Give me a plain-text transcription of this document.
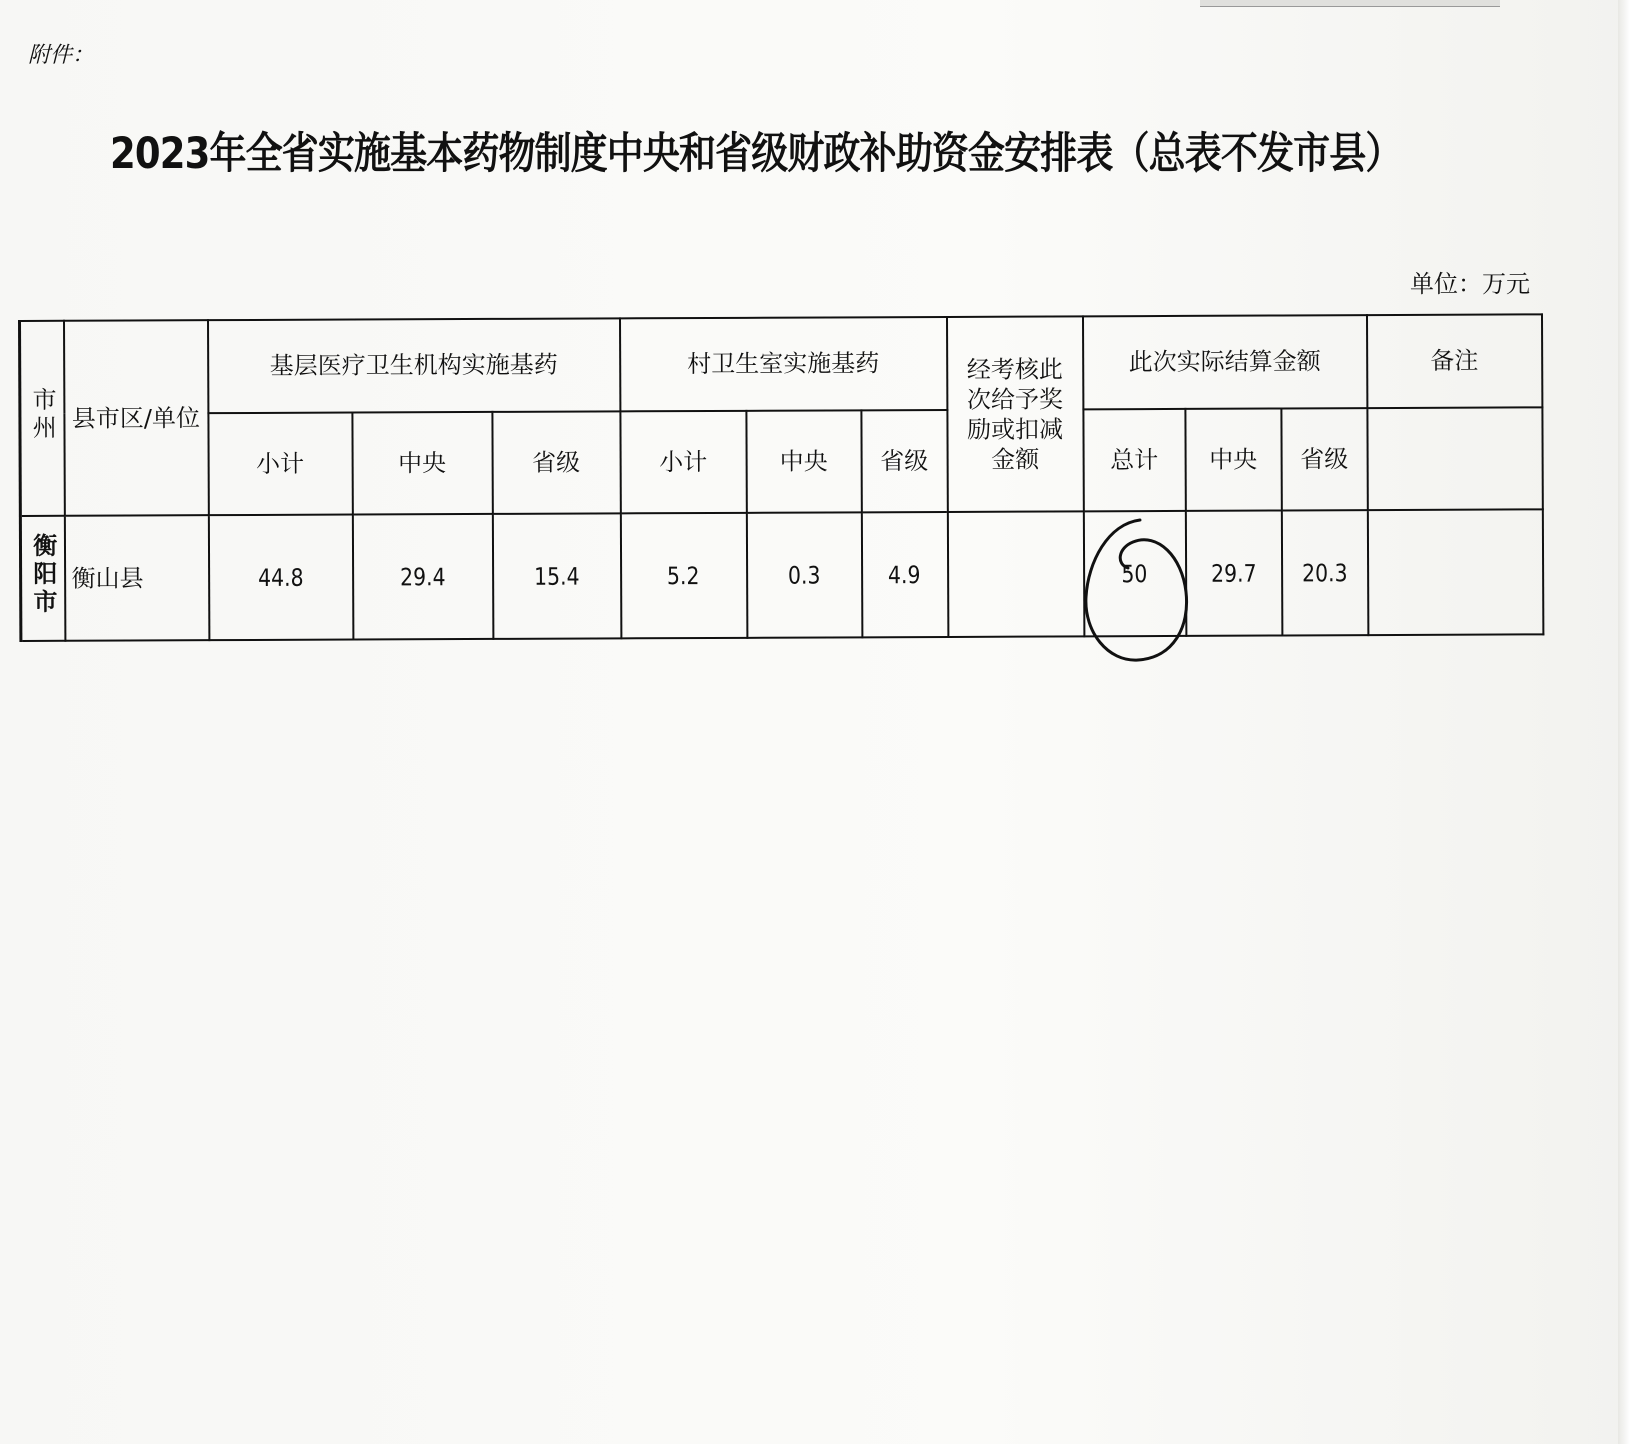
附件：
2023年全省实施基本药物制度中央和省级财政补助资金安排表（总表不发市县）
单位：万元
市州	县市区/单位	基层医疗卫生机构实施基药			村卫生室实施基药			经考核此次给予奖励或扣减金额	此次实际结算金额			备注
		小计	中央	省级	小计	中央	省级		总计	中央	省级	
衡阳市	衡山县	44.8	29.4	15.4	5.2	0.3	4.9		50	29.7	20.3	
